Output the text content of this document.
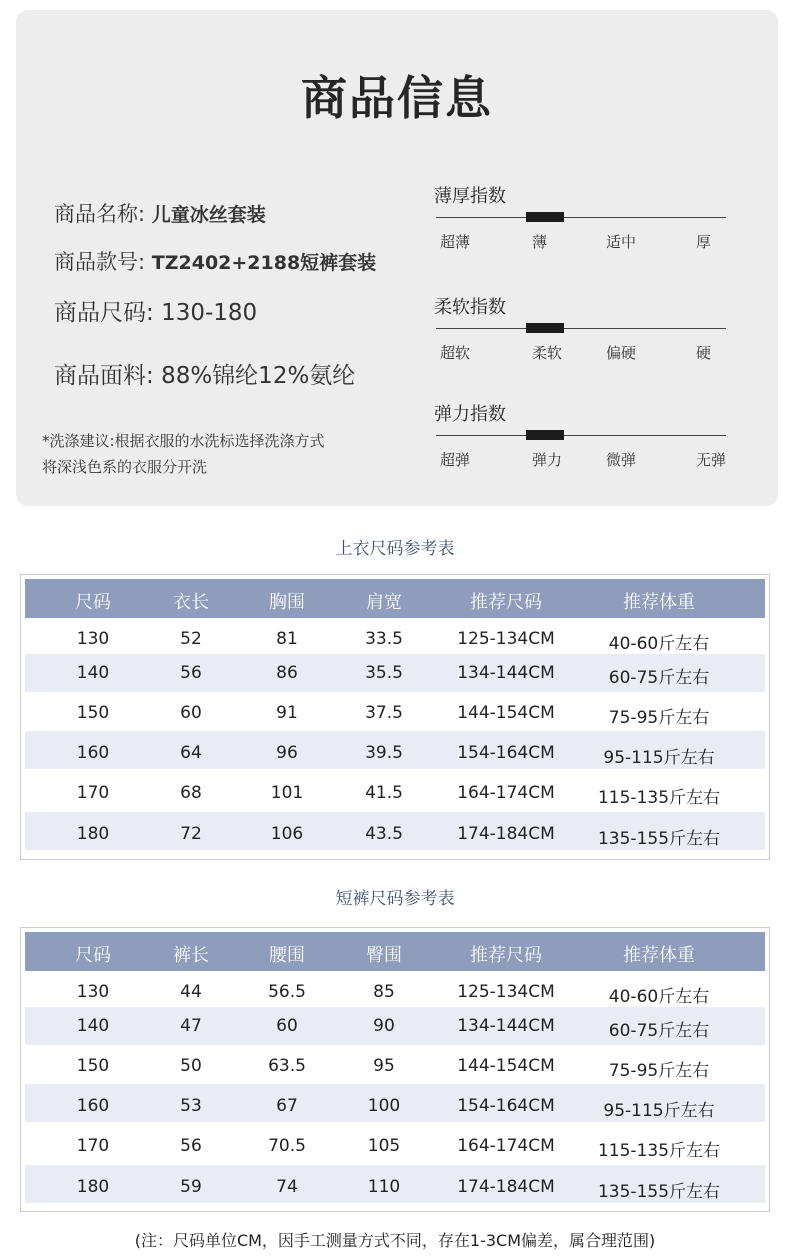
商品信息
商品名称: 儿童冰丝套装
商品款号: TZ2402+2188短裤套装
商品尺码: 130-180
商品面料: 88%锦纶12%氨纶
*洗涤建议:根据衣服的水洗标选择洗涤方式
将深浅色系的衣服分开洗
薄厚指数
超薄	薄	适中	厚
柔软指数
超软	柔软	偏硬	硬
弹力指数
超弹	弹力	微弹	无弹
上衣尺码参考表
尺码	衣长	胸围	肩宽	推荐尺码	推荐体重
130	52	81	33.5	125-134CM	40-60斤左右
140	56	86	35.5	134-144CM	60-75斤左右
150	60	91	37.5	144-154CM	75-95斤左右
160	64	96	39.5	154-164CM	95-115斤左右
170	68	101	41.5	164-174CM	115-135斤左右
180	72	106	43.5	174-184CM	135-155斤左右
短裤尺码参考表
尺码	裤长	腰围	臀围	推荐尺码	推荐体重
130	44	56.5	85	125-134CM	40-60斤左右
140	47	60	90	134-144CM	60-75斤左右
150	50	63.5	95	144-154CM	75-95斤左右
160	53	67	100	154-164CM	95-115斤左右
170	56	70.5	105	164-174CM	115-135斤左右
180	59	74	110	174-184CM	135-155斤左右
(注：尺码单位CM，因手工测量方式不同，存在1-3CM偏差，属合理范围)
